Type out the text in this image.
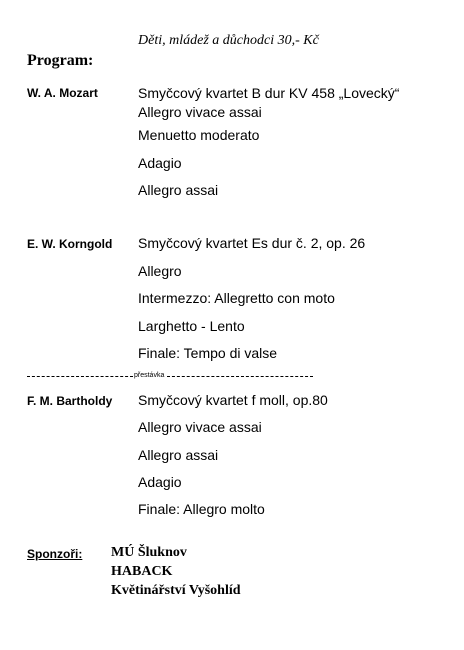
Děti, mládež a důchodci 30,- Kč
Program:
W. A. Mozart	Smyčcový kvartet B dur KV 458 „Lovecký“
Allegro vivace assai
Menuetto moderato
Adagio
Allegro assai
E. W. Korngold Smyčcový kvartet Es dur č. 2, op. 26
Allegro
Intermezzo: Allegretto con moto
Larghetto - Lento
Finale: Tempo di valse
přestávka
F. M. Bartholdy Smyčcový kvartet f moll, op.80
Allegro vivace assai
Allegro assai
Adagio
Finale: Allegro molto
Sponzoři: MÚ Šluknov
HABACK
Květinářství Vyšohlíd
